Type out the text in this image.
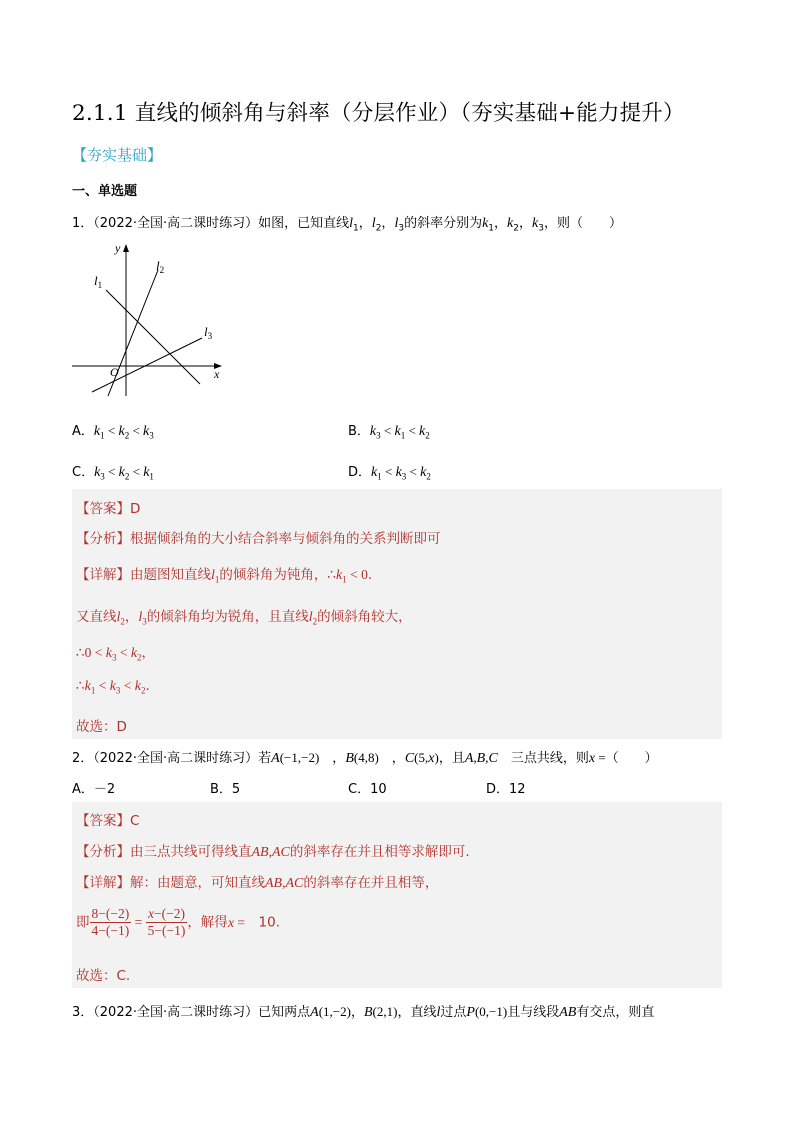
2.1.1 直线的倾斜角与斜率（分层作业）（夯实基础+能力提升）
【夯实基础】
一、单选题
1．（2022·全国·高二课时练习）如图，已知直线$l_1$，$l_2$，$l_3$的斜率分别为$k_1$，$k_2$，$k_3$，则（　　）
y
x
O
$l_1$
$l_2$
$l_3$
A．$k_1 < k_2 < k_3$	B．$k_3 < k_1 < k_2$
C．$k_3 < k_2 < k_1$	D．$k_1 < k_3 < k_2$
【答案】D
【分析】根据倾斜角的大小结合斜率与倾斜角的关系判断即可
【详解】由题图知直线$l_1$的倾斜角为钝角，$\therefore k_1 < 0$.
又直线$l_2$，$l_3$的倾斜角均为锐角，且直线$l_2$的倾斜角较大，
∴0 < $k_3 < k_2$，
$\therefore k_1 < k_3 < k_2$.
故选：D
2．（2022·全国·高二课时练习）若A(−1,−2)　，B(4,8)　，C(5,x)，且A,B,C　 三点共线，则x =（　　）
A．－2	B．5	C．10	D．12
【答案】C
【分析】由三点共线可得线直AB,AC的斜率存在并且相等求解即可.
【详解】解：由题意，可知直线AB,AC的斜率存在并且相等，
即 $\frac{8-(-2)}{4-(-1)} = \frac{x-(-2)}{5-(-1)}$ ，解得x =　 10.
故选：C.
3．（2022·全国·高二课时练习）已知两点A(1,−2)，B(2,1)，直线l过点P(0,−1)且与线段AB有交点，则直
